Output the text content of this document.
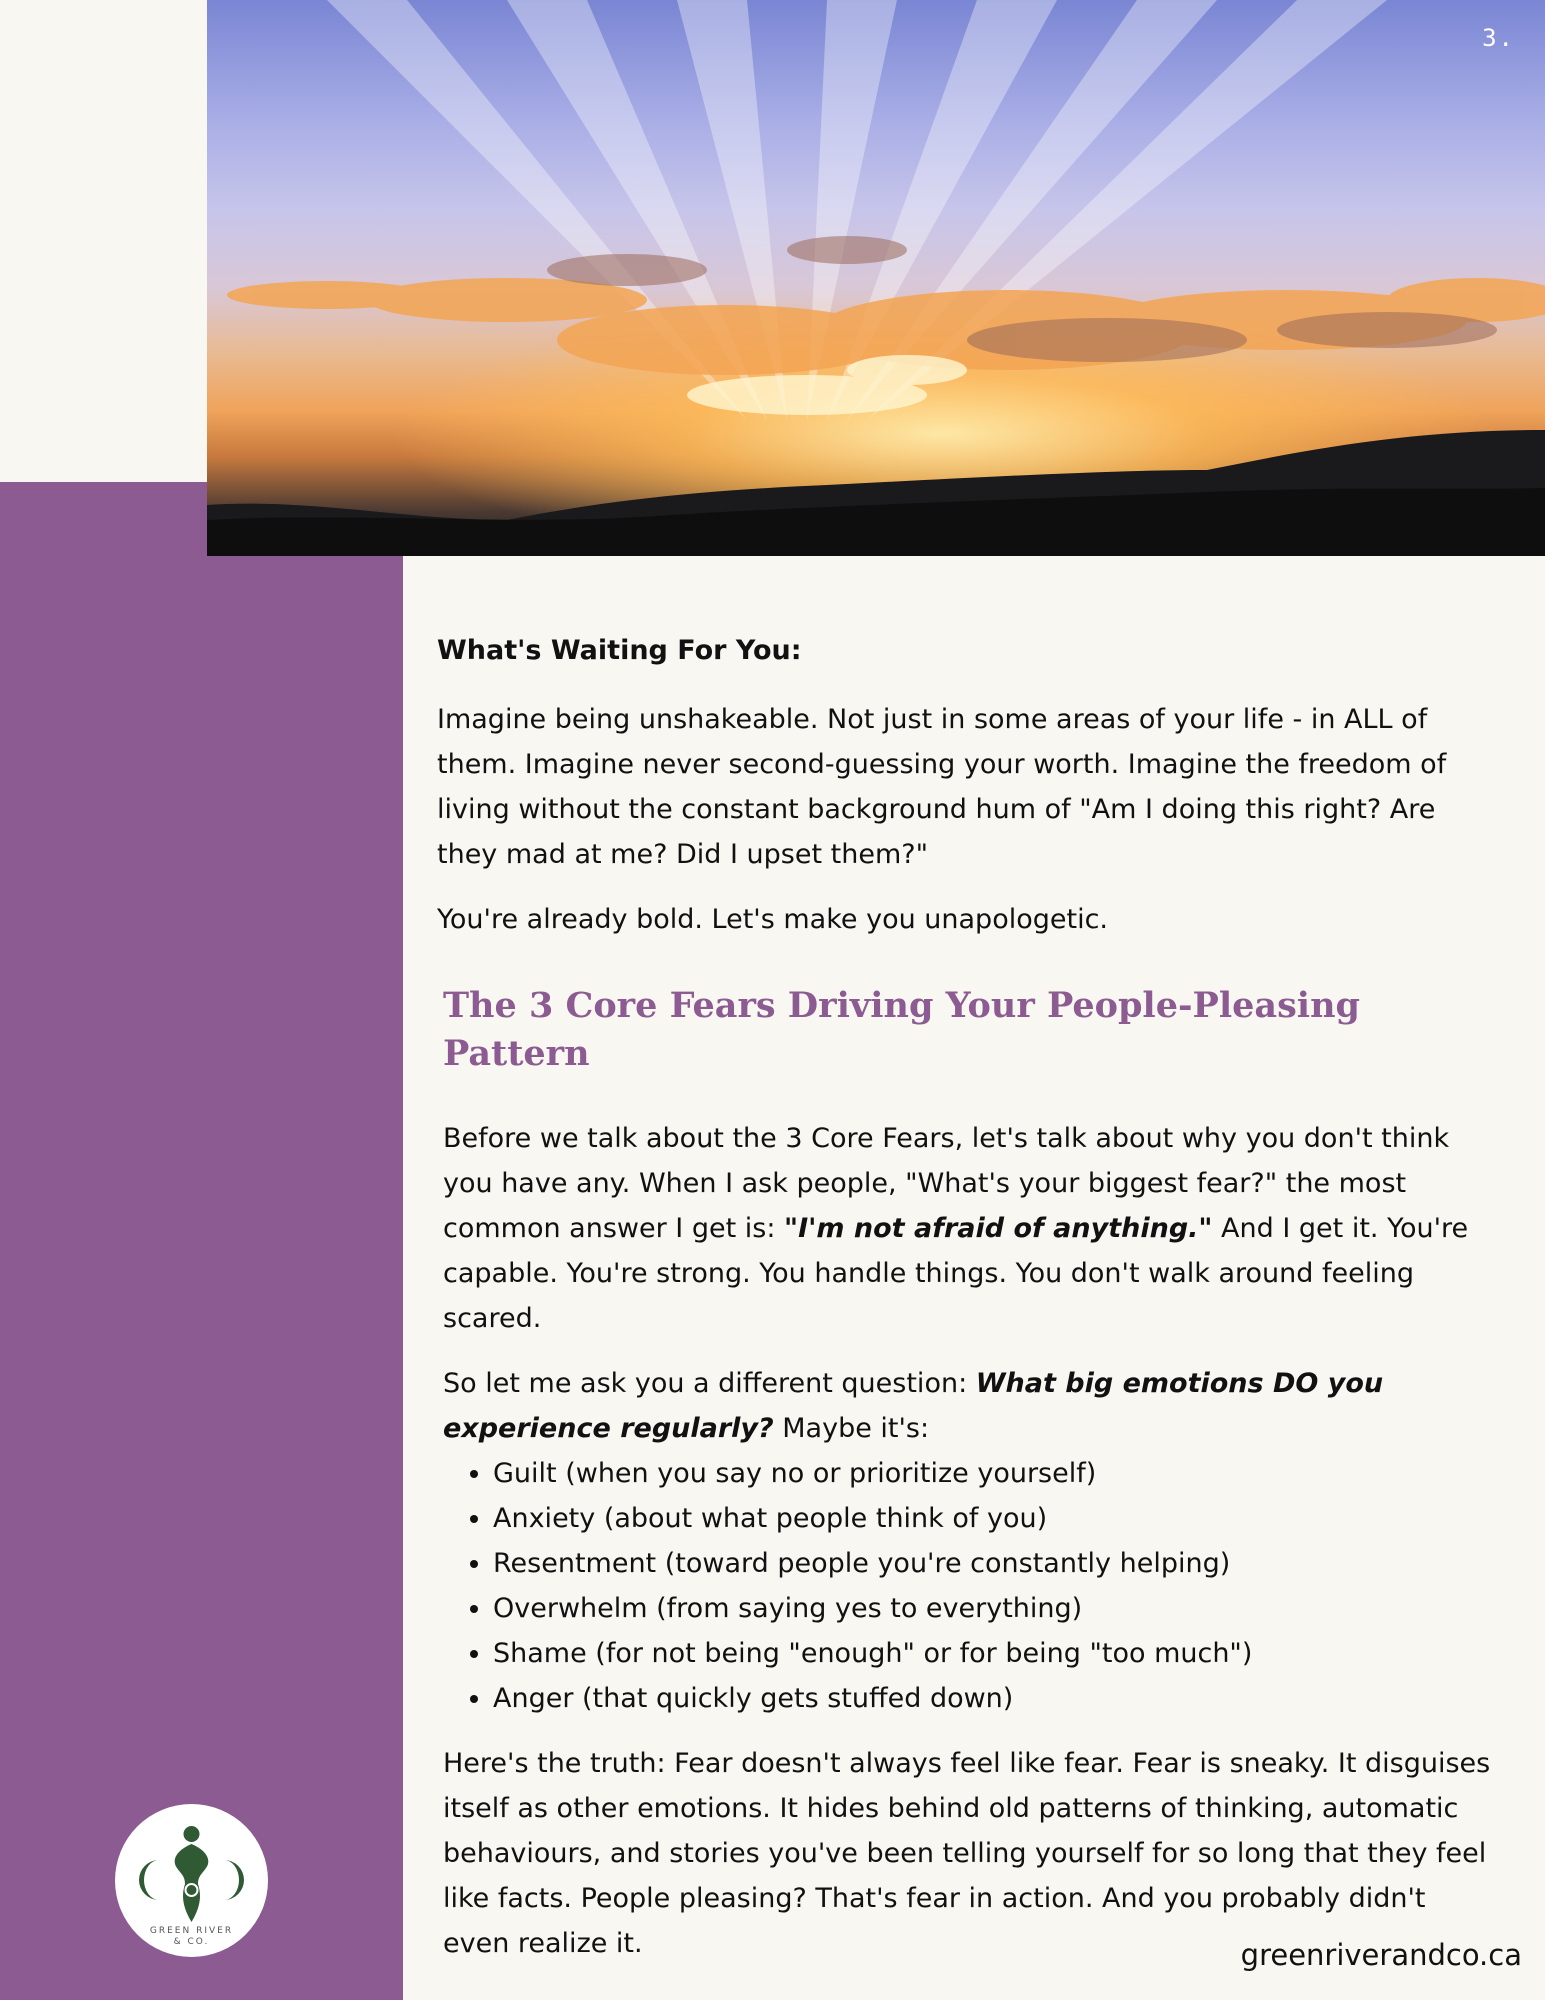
3.
What's Waiting For You:

Imagine being unshakeable. Not just in some areas of your life - in ALL of them. Imagine never second-guessing your worth. Imagine the freedom of living without the constant background hum of "Am I doing this right? Are they mad at me? Did I upset them?"

You're already bold. Let's make you unapologetic.

The 3 Core Fears Driving Your People-Pleasing Pattern

Before we talk about the 3 Core Fears, let's talk about why you don't think you have any. When I ask people, "What's your biggest fear?" the most common answer I get is: "I'm not afraid of anything." And I get it. You're capable. You're strong. You handle things. You don't walk around feeling scared.

So let me ask you a different question: What big emotions DO you experience regularly? Maybe it's:

• Guilt (when you say no or prioritize yourself)
• Anxiety (about what people think of you)
• Resentment (toward people you're constantly helping)
• Overwhelm (from saying yes to everything)
• Shame (for not being "enough" or for being "too much")
• Anger (that quickly gets stuffed down)

Here's the truth: Fear doesn't always feel like fear. Fear is sneaky. It disguises itself as other emotions. It hides behind old patterns of thinking, automatic behaviours, and stories you've been telling yourself for so long that they feel like facts. People pleasing? That's fear in action. And you probably didn't even realize it.

GREEN RIVER
& CO.	greenriverandco.ca
